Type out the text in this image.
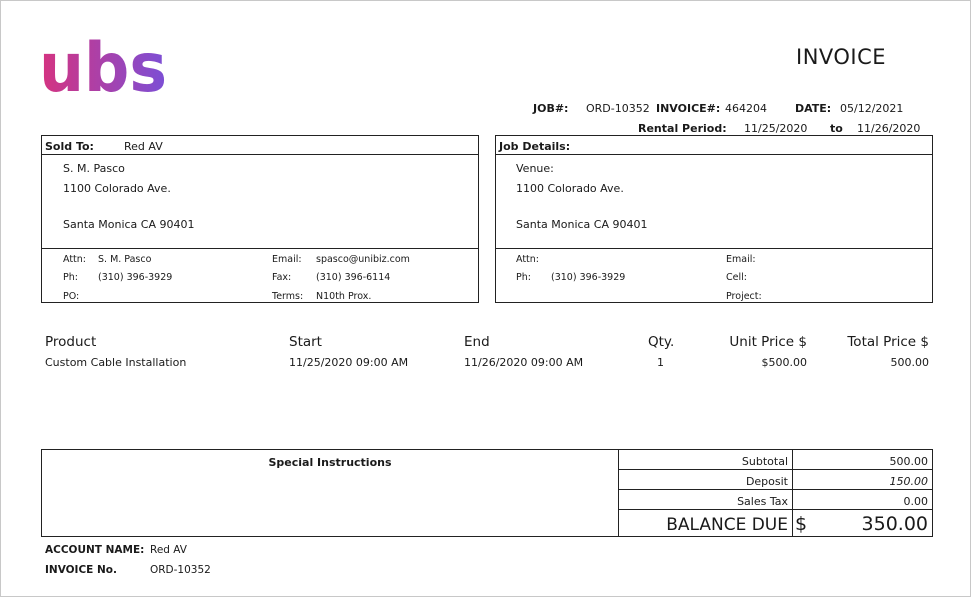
ubs	INVOICE
JOB#: ORD-10352 INVOICE#: 464204	DATE: 05/12/2021
Rental Period: 11/25/2020 to 11/26/2020
Sold To:	Red AV
S. M. Pasco
1100 Colorado Ave.
Santa Monica CA 90401
Attn: S. M. Pasco
Ph: (310) 396-3929
PO:
Email: spasco@unibiz.com
Fax:	(310) 396-6114
Terms: N10th Prox.
Job Details:
Venue:
1100 Colorado Ave.
Santa Monica CA 90401
Attn:
Ph: (310) 396-3929
Email:
Cell:
Project:
Product	Start	End	Qty.	Unit Price $	Total Price $
Custom Cable Installation	11/25/2020 09:00 AM	11/26/2020 09:00 AM	1	$500.00	500.00
Special Instructions	Subtotal	500.00
Deposit	150.00
Sales Tax	0.00
BALANCE DUE $	350.00
ACCOUNT NAME: Red AV
INVOICE No.	ORD-10352
